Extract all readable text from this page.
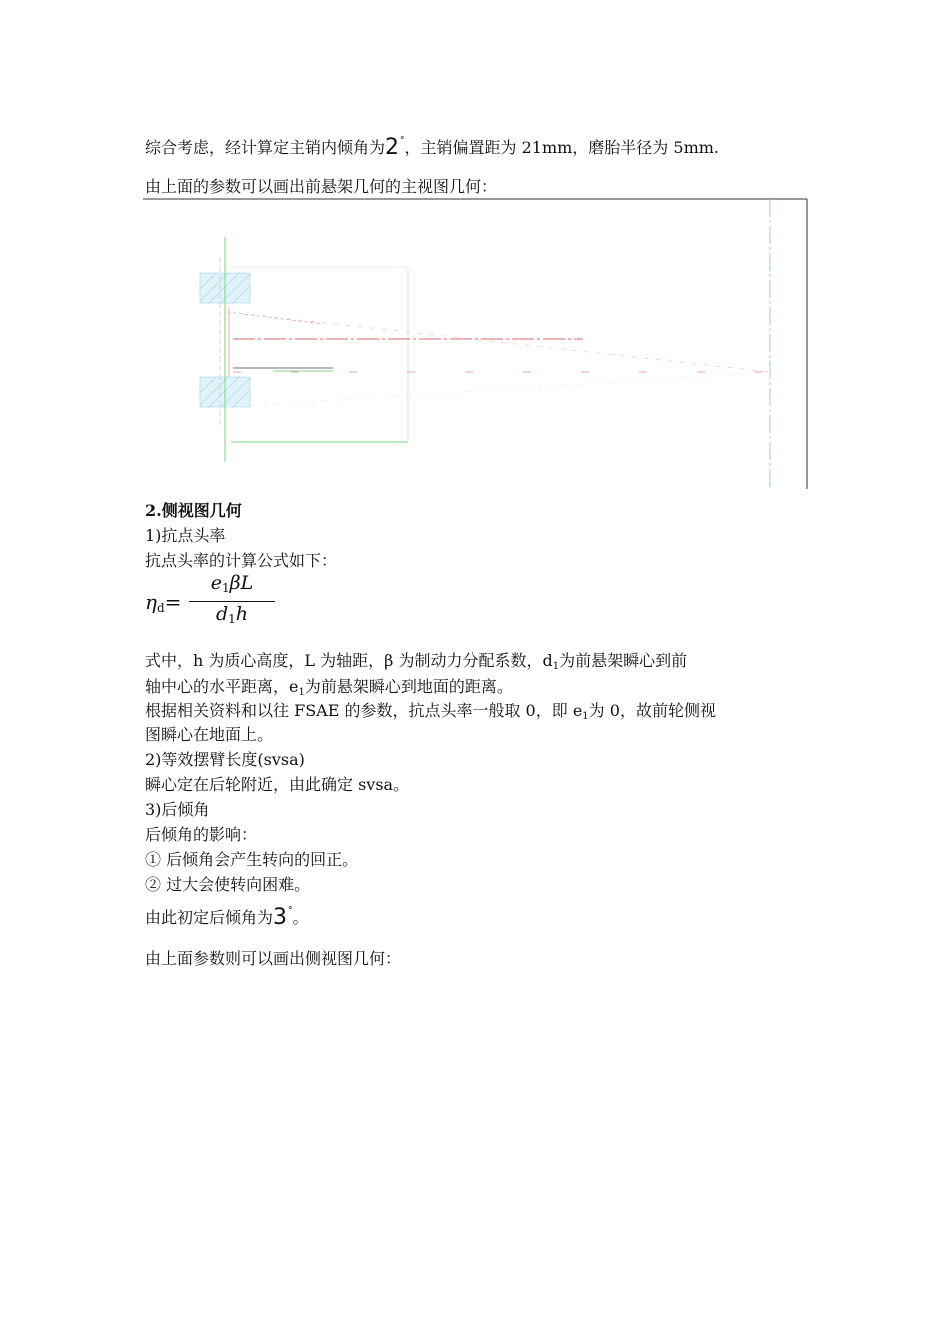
综合考虑，经计算定主销内倾角为2°，主销偏置距为 21mm，磨胎半径为 5mm.
由上面的参数可以画出前悬架几何的主视图几何：
2.侧视图几何
1)抗点头率
抗点头率的计算公式如下：
$\eta_d=$
$e_1\beta L$
$d_1h$
式中，h 为质心高度，L 为轴距，β 为制动力分配系数，$d_1$为前悬架瞬心到前
轴中心的水平距离，$e_1$为前悬架瞬心到地面的距离。
根据相关资料和以往 FSAE 的参数，抗点头率一般取 0，即 $e_1$为 0，故前轮侧视
图瞬心在地面上。
2)等效摆臂长度(svsa)
瞬心定在后轮附近，由此确定 svsa。
3)后倾角
后倾角的影响：
① 后倾角会产生转向的回正。
② 过大会使转向困难。
由此初定后倾角为3°。
由上面参数则可以画出侧视图几何：
